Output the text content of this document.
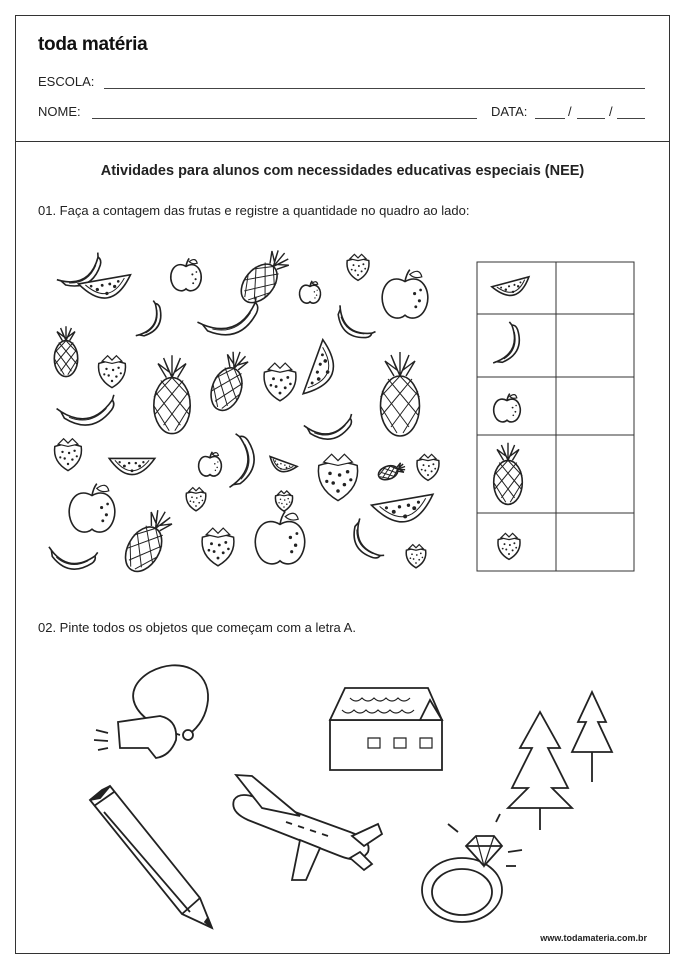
toda matéria
ESCOLA:
NOME:	DATA:	/	/
Atividades para alunos com necessidades educativas especiais (NEE)
01. Faça a contagem das frutas e registre a quantidade no quadro ao lado:
02. Pinte todos os objetos que começam com a letra A.
www.todamateria.com.br
